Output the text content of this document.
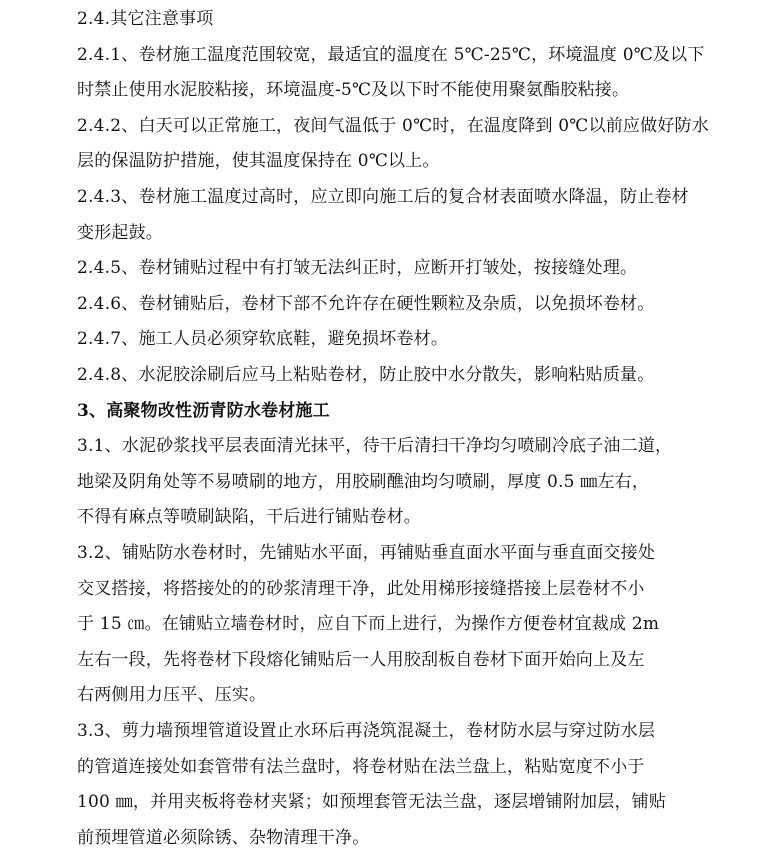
2.4.其它注意事项
2.4.1、卷材施工温度范围较宽，最适宜的温度在 5℃-25℃，环境温度 0℃及以下
时禁止使用水泥胶粘接，环境温度-5℃及以下时不能使用聚氨酯胶粘接。
2.4.2、白天可以正常施工，夜间气温低于 0℃时，在温度降到 0℃以前应做好防水
层的保温防护措施，使其温度保持在 0℃以上。
2.4.3、卷材施工温度过高时，应立即向施工后的复合材表面喷水降温，防止卷材
变形起鼓。
2.4.5、卷材铺贴过程中有打皱无法纠正时，应断开打皱处，按接缝处理。
2.4.6、卷材铺贴后，卷材下部不允许存在硬性颗粒及杂质，以免损坏卷材。
2.4.7、施工人员必须穿软底鞋，避免损坏卷材。
2.4.8、水泥胶涂刷后应马上粘贴卷材，防止胶中水分散失，影响粘贴质量。
3、高聚物改性沥青防水卷材施工
3.1、水泥砂浆找平层表面清光抹平，待干后清扫干净均匀喷刷冷底子油二道，
地梁及阴角处等不易喷刷的地方，用胶刷醮油均匀喷刷，厚度 0.5 ㎜左右，
不得有麻点等喷刷缺陷，干后进行铺贴卷材。
3.2、铺贴防水卷材时，先铺贴水平面，再铺贴垂直面水平面与垂直面交接处
交叉搭接，将搭接处的的砂浆清理干净，此处用梯形接缝搭接上层卷材不小
于 15 ㎝。在铺贴立墙卷材时，应自下而上进行，为操作方便卷材宜裁成 2m
左右一段，先将卷材下段熔化铺贴后一人用胶刮板自卷材下面开始向上及左
右两侧用力压平、压实。
3.3、剪力墙预埋管道设置止水环后再浇筑混凝土，卷材防水层与穿过防水层
的管道连接处如套管带有法兰盘时，将卷材贴在法兰盘上，粘贴宽度不小于
100 ㎜，并用夹板将卷材夹紧；如预埋套管无法兰盘，逐层增铺附加层，铺贴
前预埋管道必须除锈、杂物清理干净。
